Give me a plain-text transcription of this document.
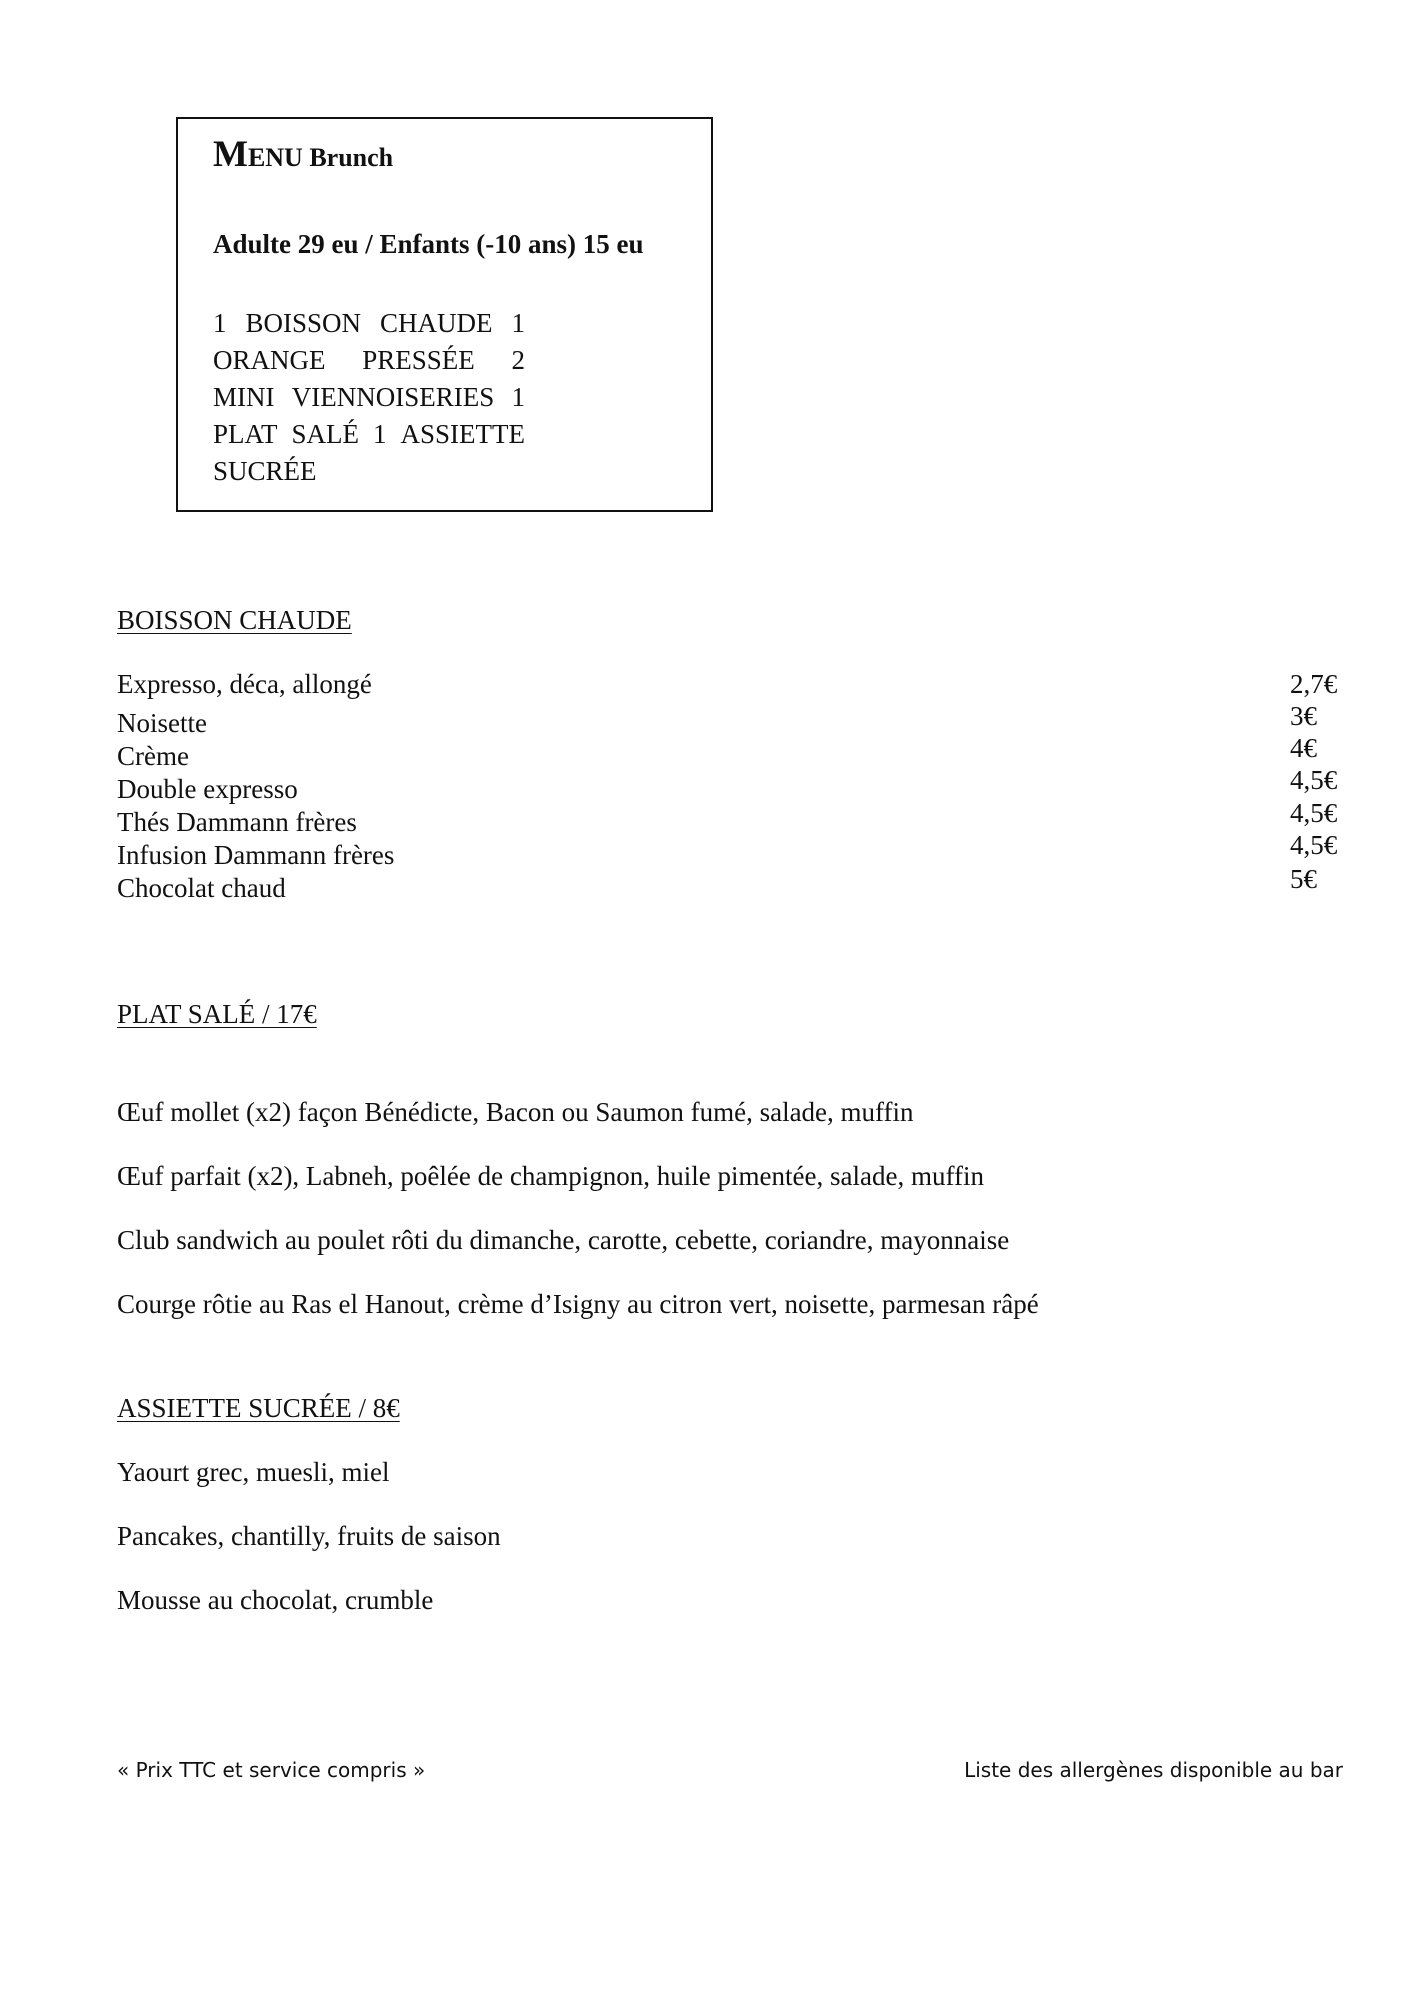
MENU Brunch
Adulte 29 eu / Enfants (-10 ans) 15 eu
1 BOISSON CHAUDE 1
ORANGE PRESSÉE 2
MINI VIENNOISERIES 1
PLAT SALÉ 1 ASSIETTE
SUCRÉE
BOISSON CHAUDE
Expresso, déca, allongé	2,7€
Noisette	3€
Crème	4€
Double expresso	4,5€
Thés Dammann frères	4,5€
Infusion Dammann frères	4,5€
Chocolat chaud	5€
PLAT SALÉ / 17€
Œuf mollet (x2) façon Bénédicte, Bacon ou Saumon fumé, salade, muffin
Œuf parfait (x2), Labneh, poêlée de champignon, huile pimentée, salade, muffin
Club sandwich au poulet rôti du dimanche, carotte, cebette, coriandre, mayonnaise
Courge rôtie au Ras el Hanout, crème d’Isigny au citron vert, noisette, parmesan râpé
ASSIETTE SUCRÉE / 8€
Yaourt grec, muesli, miel
Pancakes, chantilly, fruits de saison
Mousse au chocolat, crumble
« Prix TTC et service compris »	Liste des allergènes disponible au bar
